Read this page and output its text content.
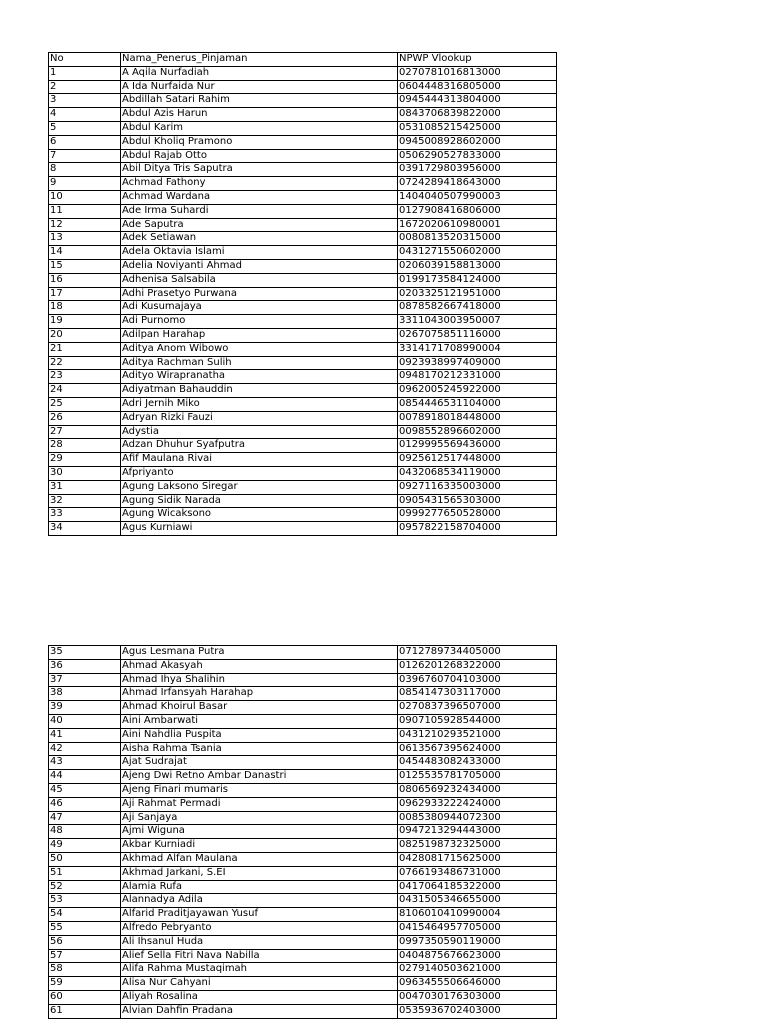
No	Nama_Penerus_Pinjaman	NPWP Vlookup
1	A Aqila Nurfadiah	0270781016813000
2	A Ida Nurfaida Nur	0604448316805000
3	Abdillah Satari Rahim	0945444313804000
4	Abdul Azis Harun	0843706839822000
5	Abdul Karim	0531085215425000
6	Abdul Kholiq Pramono	0945008928602000
7	Abdul Rajab Otto	0506290527833000
8	Abil Ditya Tris Saputra	0391729803956000
9	Achmad Fathony	0724289418643000
10	Achmad Wardana	1404040507990003
11	Ade Irma Suhardi	0127908416806000
12	Ade Saputra	1672020610980001
13	Adek Setiawan	0080813520315000
14	Adela Oktavia Islami	0431271550602000
15	Adelia Noviyanti Ahmad	0206039158813000
16	Adhenisa Salsabila	0199173584124000
17	Adhi Prasetyo Purwana	0203325121951000
18	Adi Kusumajaya	0878582667418000
19	Adi Purnomo	3311043003950007
20	Adilpan Harahap	0267075851116000
21	Aditya Anom Wibowo	3314171708990004
22	Aditya Rachman Sulih	0923938997409000
23	Adityo Wirapranatha	0948170212331000
24	Adiyatman Bahauddin	0962005245922000
25	Adri Jernih Miko	0854446531104000
26	Adryan Rizki Fauzi	0078918018448000
27	Adystia	0098552896602000
28	Adzan Dhuhur Syafputra	0129995569436000
29	Afif Maulana Rivai	0925612517448000
30	Afpriyanto	0432068534119000
31	Agung Laksono Siregar	0927116335003000
32	Agung Sidik Narada	0905431565303000
33	Agung Wicaksono	0999277650528000
34	Agus Kurniawi	0957822158704000
35	Agus Lesmana Putra	0712789734405000
36	Ahmad Akasyah	0126201268322000
37	Ahmad Ihya Shalihin	0396760704103000
38	Ahmad Irfansyah Harahap	0854147303117000
39	Ahmad Khoirul Basar	0270837396507000
40	Aini Ambarwati	0907105928544000
41	Aini Nahdlia Puspita	0431210293521000
42	Aisha Rahma Tsania	0613567395624000
43	Ajat Sudrajat	0454483082433000
44	Ajeng Dwi Retno Ambar Danastri	0125535781705000
45	Ajeng Finari mumaris	0806569232434000
46	Aji Rahmat Permadi	0962933222424000
47	Aji Sanjaya	0085380944072300
48	Ajmi Wiguna	0947213294443000
49	Akbar Kurniadi	0825198732325000
50	Akhmad Alfan Maulana	0428081715625000
51	Akhmad Jarkani, S.EI	0766193486731000
52	Alamia Rufa	0417064185322000
53	Alannadya Adila	0431505346655000
54	Alfarid Praditjayawan Yusuf	8106010410990004
55	Alfredo Pebryanto	0415464957705000
56	Ali Ihsanul Huda	0997350590119000
57	Alief Sella Fitri Nava Nabilla	0404875676623000
58	Alifa Rahma Mustaqimah	0279140503621000
59	Alisa Nur Cahyani	0963455506646000
60	Aliyah Rosalina	0047030176303000
61	Alvian Dahfin Pradana	0535936702403000
